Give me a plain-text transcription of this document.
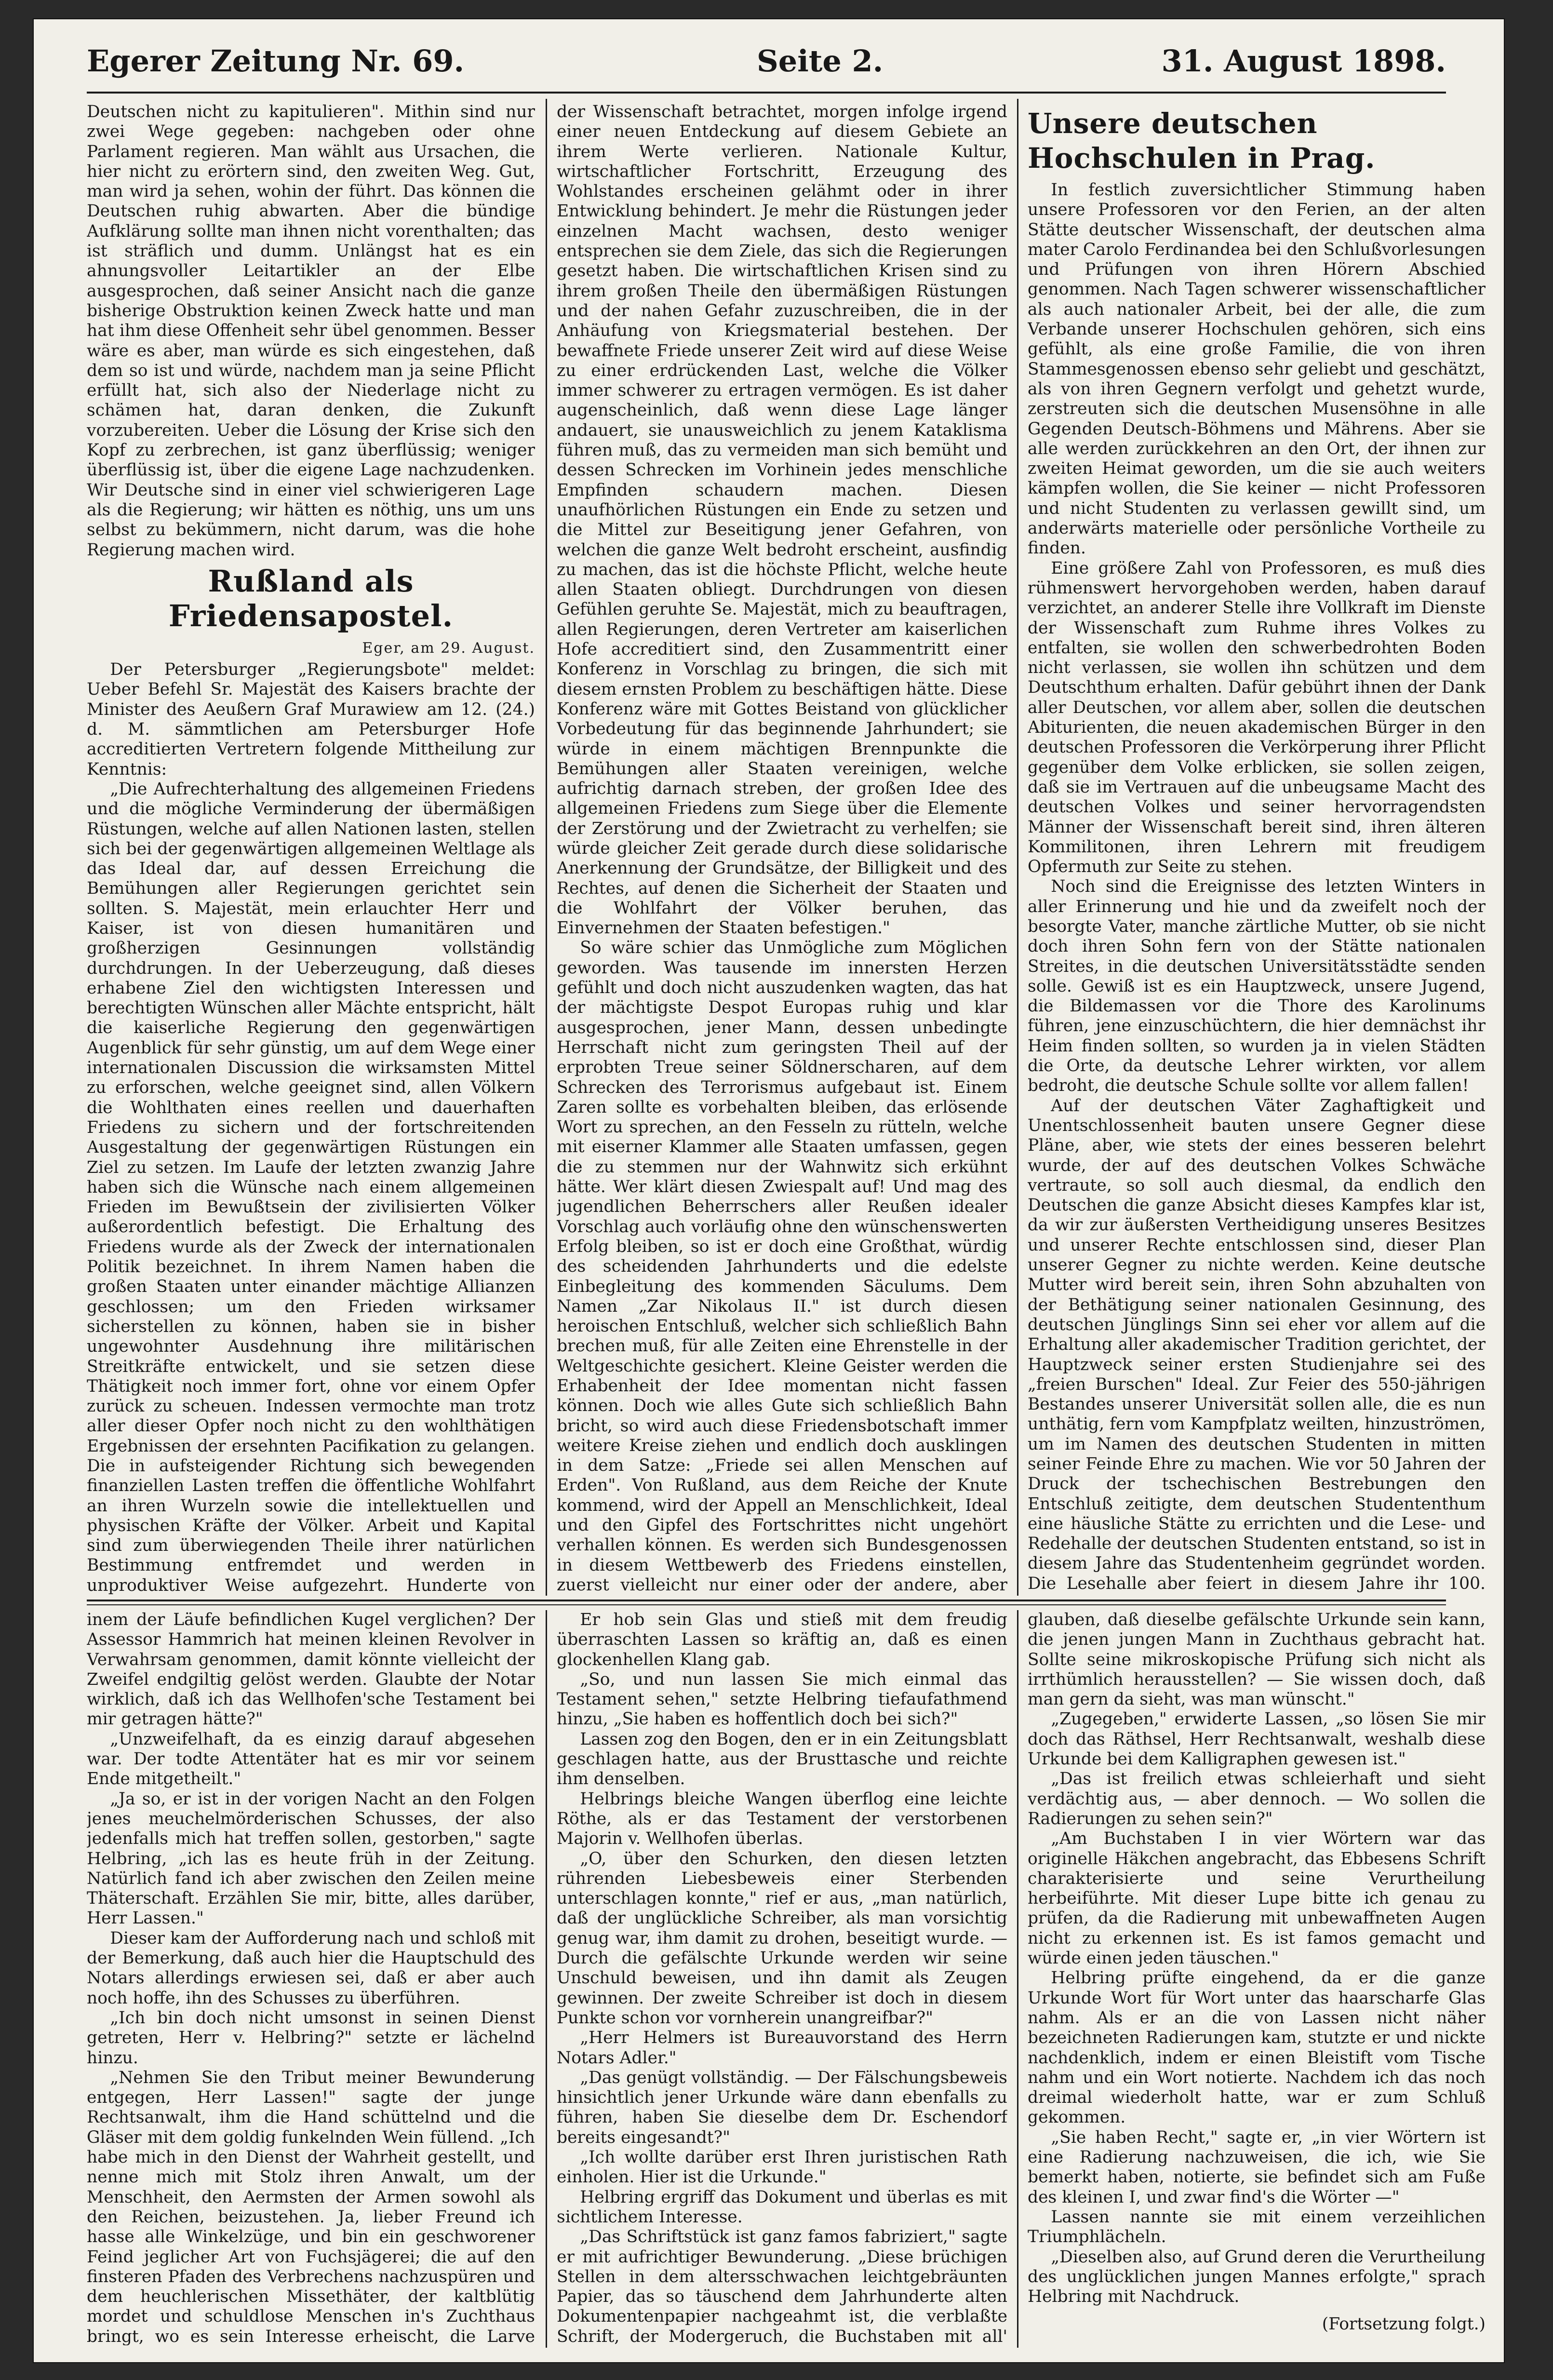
Egerer Zeitung Nr. 69.	Seite 2.	31. August 1898.

Deutschen nicht zu kapitulieren". Mithin sind nur zwei Wege gegeben: nachgeben oder ohne Parlament regieren. Man wählt aus Ursachen, die hier nicht zu erörtern sind, den zweiten Weg. Gut, man wird ja sehen, wohin der führt. Das können die Deutschen ruhig abwarten. Aber die bündige Aufklärung sollte man ihnen nicht vorenthalten; das ist sträflich und dumm. Unlängst hat es ein ahnungsvoller Leitartikler an der Elbe ausgesprochen, daß seiner Ansicht nach die ganze bisherige Obstruktion keinen Zweck hatte und man hat ihm diese Offenheit sehr übel genommen. Besser wäre es aber, man würde es sich eingestehen, daß dem so ist und würde, nachdem man ja seine Pflicht erfüllt hat, sich also der Niederlage nicht zu schämen hat, daran denken, die Zukunft vorzubereiten. Ueber die Lösung der Krise sich den Kopf zu zerbrechen, ist ganz überflüssig; weniger überflüssig ist, über die eigene Lage nachzudenken. Wir Deutsche sind in einer viel schwierigeren Lage als die Regierung; wir hätten es nöthig, uns um uns selbst zu bekümmern, nicht darum, was die hohe Regierung machen wird.

Rußland als Friedensapostel.
Eger, am 29. August.

Der Petersburger „Regierungsbote" meldet: Ueber Befehl Sr. Majestät des Kaisers brachte der Minister des Aeußern Graf Murawiew am 12. (24.) d. M. sämmtlichen am Petersburger Hofe accreditierten Vertretern folgende Mittheilung zur Kenntnis:

„Die Aufrechterhaltung des allgemeinen Friedens und die mögliche Verminderung der übermäßigen Rüstungen, welche auf allen Nationen lasten, stellen sich bei der gegenwärtigen allgemeinen Weltlage als das Ideal dar, auf dessen Erreichung die Bemühungen aller Regierungen gerichtet sein sollten. S. Majestät, mein erlauchter Herr und Kaiser, ist von diesen humanitären und großherzigen Gesinnungen vollständig durchdrungen. In der Ueberzeugung, daß dieses erhabene Ziel den wichtigsten Interessen und berechtigten Wünschen aller Mächte entspricht, hält die kaiserliche Regierung den gegenwärtigen Augenblick für sehr günstig, um auf dem Wege einer internationalen Discussion die wirksamsten Mittel zu erforschen, welche geeignet sind, allen Völkern die Wohlthaten eines reellen und dauerhaften Friedens zu sichern und der fortschreitenden Ausgestaltung der gegenwärtigen Rüstungen ein Ziel zu setzen. Im Laufe der letzten zwanzig Jahre haben sich die Wünsche nach einem allgemeinen Frieden im Bewußtsein der zivilisierten Völker außerordentlich befestigt. Die Erhaltung des Friedens wurde als der Zweck der internationalen Politik bezeichnet. In ihrem Namen haben die großen Staaten unter einander mächtige Allianzen geschlossen; um den Frieden wirksamer sicherstellen zu können, haben sie in bisher ungewohnter Ausdehnung ihre militärischen Streitkräfte entwickelt, und sie setzen diese Thätigkeit noch immer fort, ohne vor einem Opfer zurück zu scheuen. Indessen vermochte man trotz aller dieser Opfer noch nicht zu den wohlthätigen Ergebnissen der ersehnten Pacifikation zu gelangen. Die in aufsteigender Richtung sich bewegenden finanziellen Lasten treffen die öffentliche Wohlfahrt an ihren Wurzeln sowie die intellektuellen und physischen Kräfte der Völker. Arbeit und Kapital sind zum überwiegenden Theile ihrer natürlichen Bestimmung entfremdet und werden in unproduktiver Weise aufgezehrt. Hunderte von

der Wissenschaft betrachtet, morgen infolge irgend einer neuen Entdeckung auf diesem Gebiete an ihrem Werte verlieren. Nationale Kultur, wirtschaftlicher Fortschritt, Erzeugung des Wohlstandes erscheinen gelähmt oder in ihrer Entwicklung behindert. Je mehr die Rüstungen jeder einzelnen Macht wachsen, desto weniger entsprechen sie dem Ziele, das sich die Regierungen gesetzt haben. Die wirtschaftlichen Krisen sind zu ihrem großen Theile den übermäßigen Rüstungen und der nahen Gefahr zuzuschreiben, die in der Anhäufung von Kriegsmaterial bestehen. Der bewaffnete Friede unserer Zeit wird auf diese Weise zu einer erdrückenden Last, welche die Völker immer schwerer zu ertragen vermögen. Es ist daher augenscheinlich, daß wenn diese Lage länger andauert, sie unausweichlich zu jenem Kataklisma führen muß, das zu vermeiden man sich bemüht und dessen Schrecken im Vorhinein jedes menschliche Empfinden schaudern machen. Diesen unaufhörlichen Rüstungen ein Ende zu setzen und die Mittel zur Beseitigung jener Gefahren, von welchen die ganze Welt bedroht erscheint, ausfindig zu machen, das ist die höchste Pflicht, welche heute allen Staaten obliegt. Durchdrungen von diesen Gefühlen geruhte Se. Majestät, mich zu beauftragen, allen Regierungen, deren Vertreter am kaiserlichen Hofe accreditiert sind, den Zusammentritt einer Konferenz in Vorschlag zu bringen, die sich mit diesem ernsten Problem zu beschäftigen hätte. Diese Konferenz wäre mit Gottes Beistand von glücklicher Vorbedeutung für das beginnende Jahrhundert; sie würde in einem mächtigen Brennpunkte die Bemühungen aller Staaten vereinigen, welche aufrichtig darnach streben, der großen Idee des allgemeinen Friedens zum Siege über die Elemente der Zerstörung und der Zwietracht zu verhelfen; sie würde gleicher Zeit gerade durch diese solidarische Anerkennung der Grundsätze, der Billigkeit und des Rechtes, auf denen die Sicherheit der Staaten und die Wohlfahrt der Völker beruhen, das Einvernehmen der Staaten befestigen."

So wäre schier das Unmögliche zum Möglichen geworden. Was tausende im innersten Herzen gefühlt und doch nicht auszudenken wagten, das hat der mächtigste Despot Europas ruhig und klar ausgesprochen, jener Mann, dessen unbedingte Herrschaft nicht zum geringsten Theil auf der erprobten Treue seiner Söldnerscharen, auf dem Schrecken des Terrorismus aufgebaut ist. Einem Zaren sollte es vorbehalten bleiben, das erlösende Wort zu sprechen, an den Fesseln zu rütteln, welche mit eiserner Klammer alle Staaten umfassen, gegen die zu stemmen nur der Wahnwitz sich erkühnt hätte. Wer klärt diesen Zwiespalt auf! Und mag des jugendlichen Beherrschers aller Reußen idealer Vorschlag auch vorläufig ohne den wünschenswerten Erfolg bleiben, so ist er doch eine Großthat, würdig des scheidenden Jahrhunderts und die edelste Einbegleitung des kommenden Säculums. Dem Namen „Zar Nikolaus II." ist durch diesen heroischen Entschluß, welcher sich schließlich Bahn brechen muß, für alle Zeiten eine Ehrenstelle in der Weltgeschichte gesichert. Kleine Geister werden die Erhabenheit der Idee momentan nicht fassen können. Doch wie alles Gute sich schließlich Bahn bricht, so wird auch diese Friedensbotschaft immer weitere Kreise ziehen und endlich doch ausklingen in dem Satze: „Friede sei allen Menschen auf Erden". Von Rußland, aus dem Reiche der Knute kommend, wird der Appell an Menschlichkeit, Ideal und den Gipfel des Fortschrittes nicht ungehört verhallen können. Es werden sich Bundesgenossen in diesem Wettbewerb des Friedens einstellen, zuerst vielleicht nur einer oder der andere, aber

Unsere deutschen Hochschulen in Prag.

In festlich zuversichtlicher Stimmung haben unsere Professoren vor den Ferien, an der alten Stätte deutscher Wissenschaft, der deutschen alma mater Carolo Ferdinandea bei den Schlußvorlesungen und Prüfungen von ihren Hörern Abschied genommen. Nach Tagen schwerer wissenschaftlicher als auch nationaler Arbeit, bei der alle, die zum Verbande unserer Hochschulen gehören, sich eins gefühlt, als eine große Familie, die von ihren Stammesgenossen ebenso sehr geliebt und geschätzt, als von ihren Gegnern verfolgt und gehetzt wurde, zerstreuten sich die deutschen Musensöhne in alle Gegenden Deutsch-Böhmens und Mährens. Aber sie alle werden zurückkehren an den Ort, der ihnen zur zweiten Heimat geworden, um die sie auch weiters kämpfen wollen, die Sie keiner — nicht Professoren und nicht Studenten zu verlassen gewillt sind, um anderwärts materielle oder persönliche Vortheile zu finden.

Eine größere Zahl von Professoren, es muß dies rühmenswert hervorgehoben werden, haben darauf verzichtet, an anderer Stelle ihre Vollkraft im Dienste der Wissenschaft zum Ruhme ihres Volkes zu entfalten, sie wollen den schwerbedrohten Boden nicht verlassen, sie wollen ihn schützen und dem Deutschthum erhalten. Dafür gebührt ihnen der Dank aller Deutschen, vor allem aber, sollen die deutschen Abiturienten, die neuen akademischen Bürger in den deutschen Professoren die Verkörperung ihrer Pflicht gegenüber dem Volke erblicken, sie sollen zeigen, daß sie im Vertrauen auf die unbeugsame Macht des deutschen Volkes und seiner hervorragendsten Männer der Wissenschaft bereit sind, ihren älteren Kommilitonen, ihren Lehrern mit freudigem Opfermuth zur Seite zu stehen.

Noch sind die Ereignisse des letzten Winters in aller Erinnerung und hie und da zweifelt noch der besorgte Vater, manche zärtliche Mutter, ob sie nicht doch ihren Sohn fern von der Stätte nationalen Streites, in die deutschen Universitätsstädte senden solle. Gewiß ist es ein Hauptzweck, unsere Jugend, die Bildemassen vor die Thore des Karolinums führen, jene einzuschüchtern, die hier demnächst ihr Heim finden sollten, so wurden ja in vielen Städten die Orte, da deutsche Lehrer wirkten, vor allem bedroht, die deutsche Schule sollte vor allem fallen!

Auf der deutschen Väter Zaghaftigkeit und Unentschlossenheit bauten unsere Gegner diese Pläne, aber, wie stets der eines besseren belehrt wurde, der auf des deutschen Volkes Schwäche vertraute, so soll auch diesmal, da endlich den Deutschen die ganze Absicht dieses Kampfes klar ist, da wir zur äußersten Vertheidigung unseres Besitzes und unserer Rechte entschlossen sind, dieser Plan unserer Gegner zu nichte werden. Keine deutsche Mutter wird bereit sein, ihren Sohn abzuhalten von der Bethätigung seiner nationalen Gesinnung, des deutschen Jünglings Sinn sei eher vor allem auf die Erhaltung aller akademischer Tradition gerichtet, der Hauptzweck seiner ersten Studienjahre sei des „freien Burschen" Ideal. Zur Feier des 550-jährigen Bestandes unserer Universität sollen alle, die es nun unthätig, fern vom Kampfplatz weilten, hinzuströmen, um im Namen des deutschen Studenten in mitten seiner Feinde Ehre zu machen. Wie vor 50 Jahren der Druck der tschechischen Bestrebungen den Entschluß zeitigte, dem deutschen Studententhum eine häusliche Stätte zu errichten und die Lese- und Redehalle der deutschen Studenten entstand, so ist in diesem Jahre das Studentenheim gegründet worden. Die Lesehalle aber feiert in diesem Jahre ihr 100.

inem der Läufe befindlichen Kugel verglichen? Der Assessor Hammrich hat meinen kleinen Revolver in Verwahrsam genommen, damit könnte vielleicht der Zweifel endgiltig gelöst werden. Glaubte der Notar wirklich, daß ich das Wellhofen'sche Testament bei mir getragen hätte?"

„Unzweifelhaft, da es einzig darauf abgesehen war. Der todte Attentäter hat es mir vor seinem Ende mitgetheilt."

„Ja so, er ist in der vorigen Nacht an den Folgen jenes meuchelmörderischen Schusses, der also jedenfalls mich hat treffen sollen, gestorben," sagte Helbring, „ich las es heute früh in der Zeitung. Natürlich fand ich aber zwischen den Zeilen meine Thäterschaft. Erzählen Sie mir, bitte, alles darüber, Herr Lassen."

Dieser kam der Aufforderung nach und schloß mit der Bemerkung, daß auch hier die Hauptschuld des Notars allerdings erwiesen sei, daß er aber auch noch hoffe, ihn des Schusses zu überführen.

„Ich bin doch nicht umsonst in seinen Dienst getreten, Herr v. Helbring?" setzte er lächelnd hinzu.

„Nehmen Sie den Tribut meiner Bewunderung entgegen, Herr Lassen!" sagte der junge Rechtsanwalt, ihm die Hand schüttelnd und die Gläser mit dem goldig funkelnden Wein füllend. „Ich habe mich in den Dienst der Wahrheit gestellt, und nenne mich mit Stolz ihren Anwalt, um der Menschheit, den Aermsten der Armen sowohl als den Reichen, beizustehen. Ja, lieber Freund ich hasse alle Winkelzüge, und bin ein geschworener Feind jeglicher Art von Fuchsjägerei; die auf den finsteren Pfaden des Verbrechens nachzuspüren und dem heuchlerischen Missethäter, der kaltblütig mordet und schuldlose Menschen in's Zuchthaus bringt, wo es sein Interesse erheischt, die Larve

Er hob sein Glas und stieß mit dem freudig überraschten Lassen so kräftig an, daß es einen glockenhellen Klang gab.

„So, und nun lassen Sie mich einmal das Testament sehen," setzte Helbring tiefaufathmend hinzu, „Sie haben es hoffentlich doch bei sich?"

Lassen zog den Bogen, den er in ein Zeitungsblatt geschlagen hatte, aus der Brusttasche und reichte ihm denselben.

Helbrings bleiche Wangen überflog eine leichte Röthe, als er das Testament der verstorbenen Majorin v. Wellhofen überlas.

„O, über den Schurken, den diesen letzten rührenden Liebesbeweis einer Sterbenden unterschlagen konnte," rief er aus, „man natürlich, daß der unglückliche Schreiber, als man vorsichtig genug war, ihm damit zu drohen, beseitigt wurde. — Durch die gefälschte Urkunde werden wir seine Unschuld beweisen, und ihn damit als Zeugen gewinnen. Der zweite Schreiber ist doch in diesem Punkte schon vor vornherein unangreifbar?"

„Herr Helmers ist Bureauvorstand des Herrn Notars Adler."

„Das genügt vollständig. — Der Fälschungsbeweis hinsichtlich jener Urkunde wäre dann ebenfalls zu führen, haben Sie dieselbe dem Dr. Eschendorf bereits eingesandt?"

„Ich wollte darüber erst Ihren juristischen Rath einholen. Hier ist die Urkunde."

Helbring ergriff das Dokument und überlas es mit sichtlichem Interesse.

„Das Schriftstück ist ganz famos fabriziert," sagte er mit aufrichtiger Bewunderung. „Diese brüchigen Stellen in dem altersschwachen leichtgebräunten Papier, das so täuschend dem Jahrhunderte alten Dokumentenpapier nachgeahmt ist, die verblaßte Schrift, der Modergeruch, die Buchstaben mit all'

glauben, daß dieselbe gefälschte Urkunde sein kann, die jenen jungen Mann in Zuchthaus gebracht hat. Sollte seine mikroskopische Prüfung sich nicht als irrthümlich herausstellen? — Sie wissen doch, daß man gern da sieht, was man wünscht."

„Zugegeben," erwiderte Lassen, „so lösen Sie mir doch das Räthsel, Herr Rechtsanwalt, weshalb diese Urkunde bei dem Kalligraphen gewesen ist."

„Das ist freilich etwas schleierhaft und sieht verdächtig aus, — aber dennoch. — Wo sollen die Radierungen zu sehen sein?"

„Am Buchstaben I in vier Wörtern war das originelle Häkchen angebracht, das Ebbesens Schrift charakterisierte und seine Verurtheilung herbeiführte. Mit dieser Lupe bitte ich genau zu prüfen, da die Radierung mit unbewaffneten Augen nicht zu erkennen ist. Es ist famos gemacht und würde einen jeden täuschen."

Helbring prüfte eingehend, da er die ganze Urkunde Wort für Wort unter das haarscharfe Glas nahm. Als er an die von Lassen nicht näher bezeichneten Radierungen kam, stutzte er und nickte nachdenklich, indem er einen Bleistift vom Tische nahm und ein Wort notierte. Nachdem ich das noch dreimal wiederholt hatte, war er zum Schluß gekommen.

„Sie haben Recht," sagte er, „in vier Wörtern ist eine Radierung nachzuweisen, die ich, wie Sie bemerkt haben, notierte, sie befindet sich am Fuße des kleinen I, und zwar find's die Wörter —"

Lassen nannte sie mit einem verzeihlichen Triumphlächeln.

„Dieselben also, auf Grund deren die Verurtheilung des unglücklichen jungen Mannes erfolgte," sprach Helbring mit Nachdruck.

(Fortsetzung folgt.)
